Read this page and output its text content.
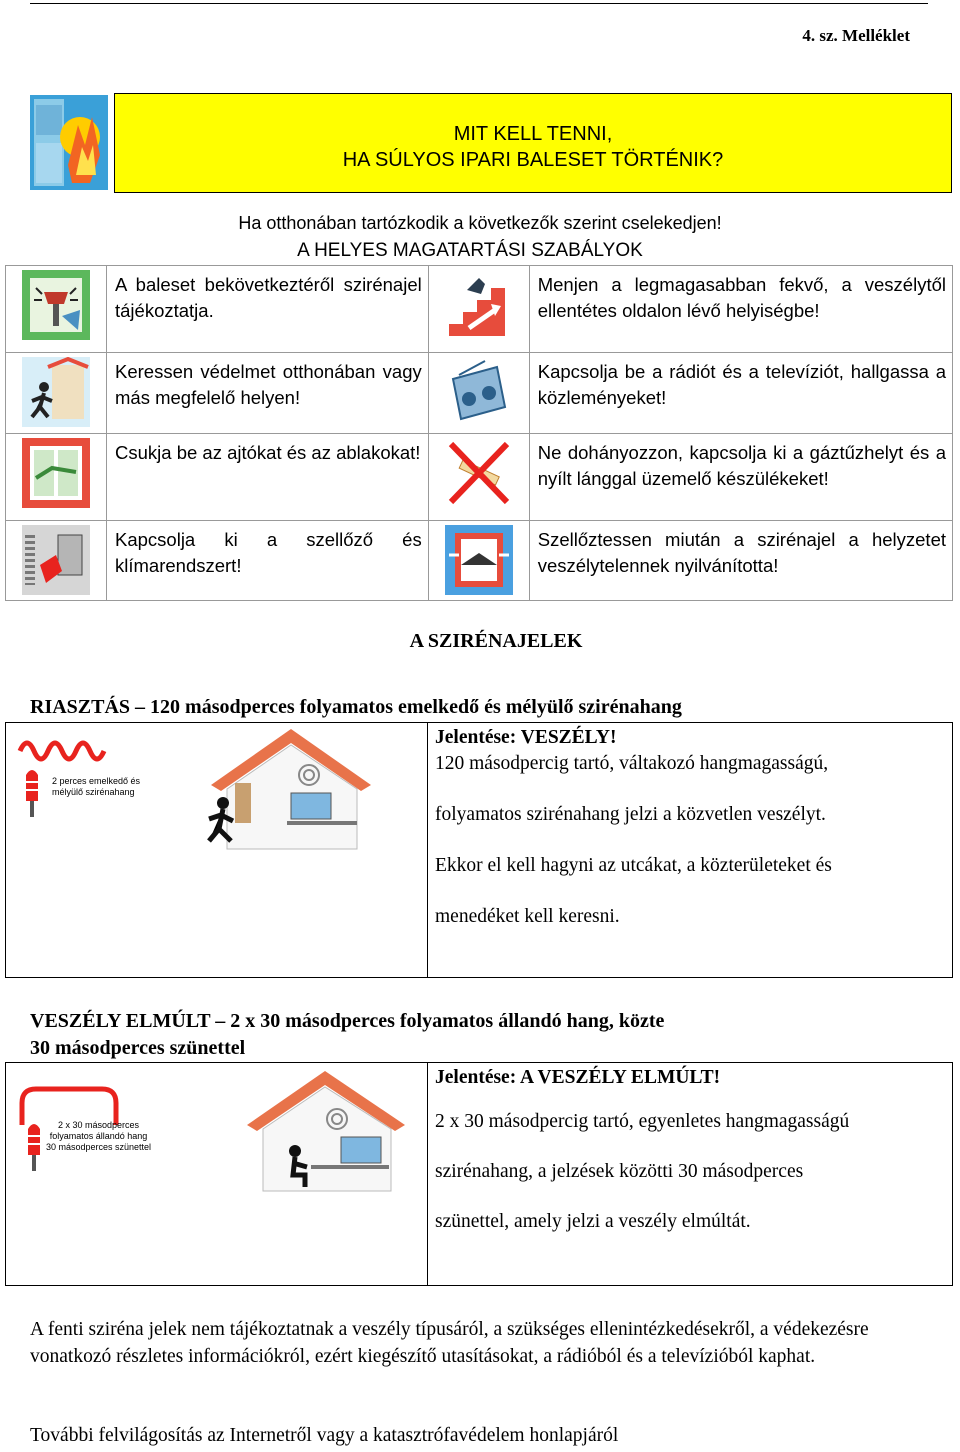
4. sz. Melléklet
MIT KELL TENNI,
HA SÚLYOS IPARI BALESET TÖRTÉNIK?
Ha otthonában tartózkodik a következők szerint cselekedjen!
A HELYES MAGATARTÁSI SZABÁLYOK
	A baleset bekövetkeztéről szirénajel tájékoztatja.		Menjen a legmagasabban fekvő, a veszélytől ellentétes oldalon lévő helyiségbe!

	Keressen védelmet otthonában vagy más megfelelő helyen!		Kapcsolja be a rádiót és a televíziót, hallgassa a közleményeket!

	Csukja be az ajtókat és az ablakokat!		Ne dohányozzon, kapcsolja ki a gáztűzhelyt és a nyílt lánggal üzemelő készülékeket!

	Kapcsolja ki a szellőző és klímarendszert!		Szellőztessen miután a szirénajel a helyzetet veszélytelennek nyilvánította!
A SZIRÉNAJELEK
RIASZTÁS – 120 másodperces folyamatos emelkedő és mélyülő szirénahang
2 perces emelkedő és
mélyülő szirénahang
Jelentése: VESZÉLY!

120 másodpercig tartó, váltakozó hangmagasságú,

folyamatos szirénahang jelzi a közvetlen veszélyt.

Ekkor el kell hagyni az utcákat, a közterületeket és

menedéket kell keresni.

VESZÉLY ELMÚLT – 2 x 30 másodperces folyamatos állandó hang, közte
30 másodperces szünettel
2 x 30 másodperces
folyamatos állandó hang
30 másodperces szünettel
Jelentése: A VESZÉLY ELMÚLT!

2 x 30 másodpercig tartó, egyenletes hangmagasságú

szirénahang, a jelzések közötti 30 másodperces

szünettel, amely jelzi a veszély elmúltát.

A fenti sziréna jelek nem tájékoztatnak a veszély típusáról, a szükséges ellenintézkedésekről, a védekezésre vonatkozó részletes információkról, ezért kiegészítő utasításokat, a rádióból és a televízióból kaphat.
További felvilágosítás az Internetről vagy a katasztrófavédelem honlapjáról
